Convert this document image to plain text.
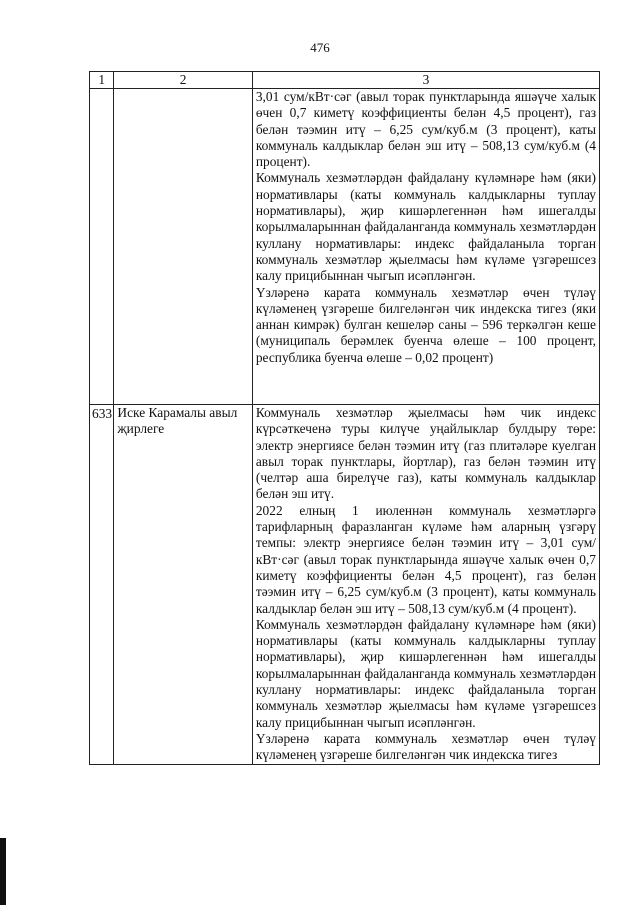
476
1	2	3

		3,01 сум/кВт·сәг (авыл торак пунктларында яшәүче халык өчен 0,7 киметү коэффициенты белән 4,5 процент), газ белән тәэмин итү – 6,25 сум/куб.м (3 процент), каты коммуналь калдыклар белән эш итү – 508,13 сум/куб.м (4 процент).

Коммуналь хезмәтләрдән файдалану күләмнәре һәм (яки) нормативлары (каты коммуналь калдыкларны туплау нормативлары), җир кишәрлегеннән һәм ишегалды корылмаларыннан файдаланганда коммуналь хезмәтләрдән куллану нормативлары: индекс файдаланыла торган коммуналь хезмәтләр җыелмасы һәм күләме үзгәрешсез калу прицибыннан чыгып исәпләнгән.

Үзләренә карата коммуналь хезмәтләр өчен түләү күләменең үзгәреше билгеләнгән чик индекска тигез (яки аннан кимрәк) булган кешеләр саны – 596 теркәлгән кеше (муниципаль берәмлек буенча өлеше – 100 процент, республика буенча өлеше – 0,02 процент)

633	Иске Карамалы авыл җирлеге	Коммуналь хезмәтләр җыелмасы һәм чик индекс күрсәткеченә туры килүче уңайлыклар булдыру төре: электр энергиясе белән тәэмин итү (газ плитәләре куелган авыл торак пунктлары, йортлар), газ белән тәэмин итү (челтәр аша бирелүче газ), каты коммуналь калдыклар белән эш итү.

2022 елның 1 июленнән коммуналь хезмәтләргә тарифларның фаразланган күләме һәм аларның үзгәрү темпы: электр энергиясе белән тәэмин итү – 3,01 сум/кВт·сәг (авыл торак пунктларында яшәүче халык өчен 0,7 киметү коэффициенты белән 4,5 процент), газ белән тәэмин итү – 6,25 сум/куб.м (3 процент), каты коммуналь калдыклар белән эш итү – 508,13 сум/куб.м (4 процент).

Коммуналь хезмәтләрдән файдалану күләмнәре һәм (яки) нормативлары (каты коммуналь калдыкларны туплау нормативлары), җир кишәрлегеннән һәм ишегалды корылмаларыннан файдаланганда коммуналь хезмәтләрдән куллану нормативлары: индекс файдаланыла торган коммуналь хезмәтләр җыелмасы һәм күләме үзгәрешсез калу прицибыннан чыгып исәпләнгән.

Үзләренә карата коммуналь хезмәтләр өчен түләү күләменең үзгәреше билгеләнгән чик индекска тигез
